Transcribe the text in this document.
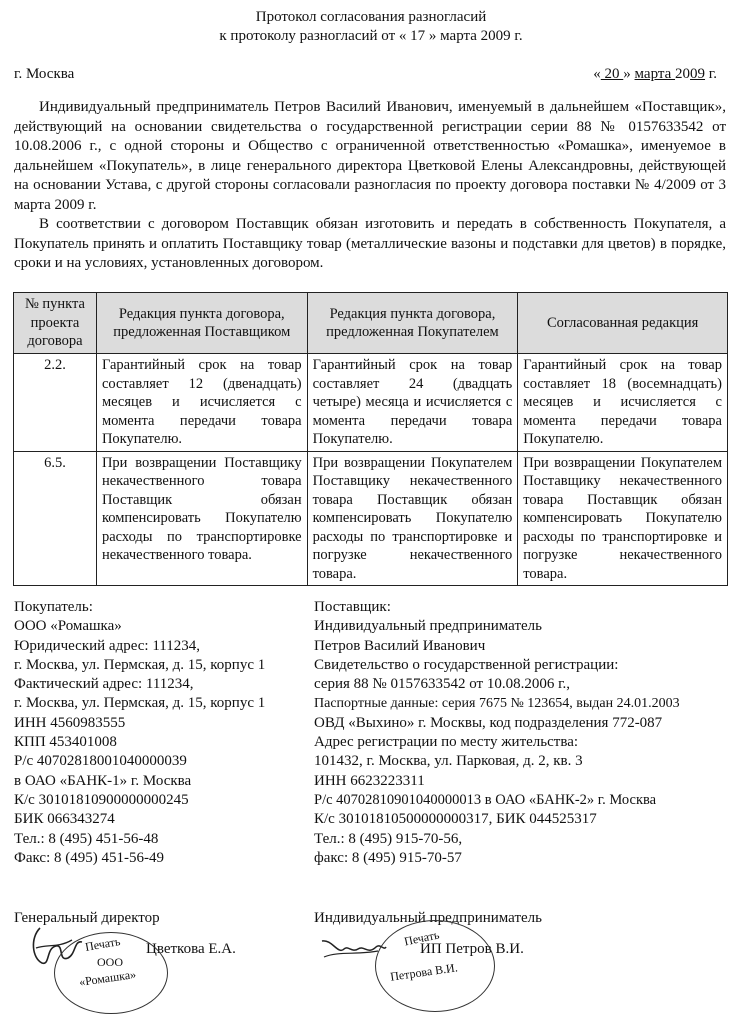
Протокол согласования разногласий
к протоколу разногласий от « 17 » марта 2009 г.
г. Москва	« 20 » марта 2009 г.

Индивидуальный предприниматель Петров Василий Иванович, именуемый в дальнейшем «Поставщик», действующий на основании свидетельства о государственной регистрации серии 88 № 0157633542 от 10.08.2006 г., с одной стороны и Общество с ограниченной ответственностью «Ромашка», именуемое в дальнейшем «Покупатель», в лице генерального директора Цветковой Елены Александровны, действующей на основании Устава, с другой стороны согласовали разногласия по проекту договора поставки № 4/2009 от 3 марта 2009 г.

В соответствии с договором Поставщик обязан изготовить и передать в собственность Покупателя, а Покупатель принять и оплатить Поставщику товар (металлические вазоны и подставки для цветов) в порядке, сроки и на условиях, установленных договором.

№ пункта проекта договора	Редакция пункта договора, предложенная Поставщиком	Редакция пункта договора, предложенная Покупателем	Согласованная редакция
2.2.	Гарантийный срок на товар составляет 12 (двенадцать) месяцев и исчисляется с момента передачи товара Покупателю.	Гарантийный срок на товар составляет 24 (двадцать четыре) месяца и исчисляется с момента передачи товара Покупателю.	Гарантийный срок на товар составляет 18 (восемнадцать) месяцев и исчисляется с момента передачи товара Покупателю.
6.5.	При возвращении Поставщику некачественного товара Поставщик обязан компенсировать Покупателю расходы по транспортировке некачественного товара.	При возвращении Покупателем Поставщику некачественного товара Поставщик обязан компенсировать Покупателю расходы по транспортировке и погрузке некачественного товара.	При возвращении Покупателем Поставщику некачественного товара Поставщик обязан компенсировать Покупателю расходы по транспортировке и погрузке некачественного товара.
Покупатель:
ООО «Ромашка»
Юридический адрес: 111234,
г. Москва, ул. Пермская, д. 15, корпус 1
Фактический адрес: 111234,
г. Москва, ул. Пермская, д. 15, корпус 1
ИНН 4560983555
КПП 453401008
Р/с 40702818001040000039
в ОАО «БАНК-1» г. Москва
К/с 30101810900000000245
БИК 066343274
Тел.: 8 (495) 451-56-48
Факс: 8 (495) 451-56-49
Поставщик:
Индивидуальный предприниматель
Петров Василий Иванович
Свидетельство о государственной регистрации:
серия 88 № 0157633542 от 10.08.2006 г.,
Паспортные данные: серия 7675 № 123654, выдан 24.01.2003
ОВД «Выхино» г. Москвы, код подразделения 772-087
Адрес регистрации по месту жительства:
101432, г. Москва, ул. Парковая, д. 2, кв. 3
ИНН 6623223311
Р/с 40702810901040000013 в ОАО «БАНК-2» г. Москва
К/с 30101810500000000317, БИК 044525317
Тел.: 8 (495) 915-70-56,
факс: 8 (495) 915-70-57
Генеральный директор
Цветкова Е.А.
Печать
ООО
«Ромашка»
Индивидуальный предприниматель
ИП Петров В.И.
Печать
Петрова В.И.
